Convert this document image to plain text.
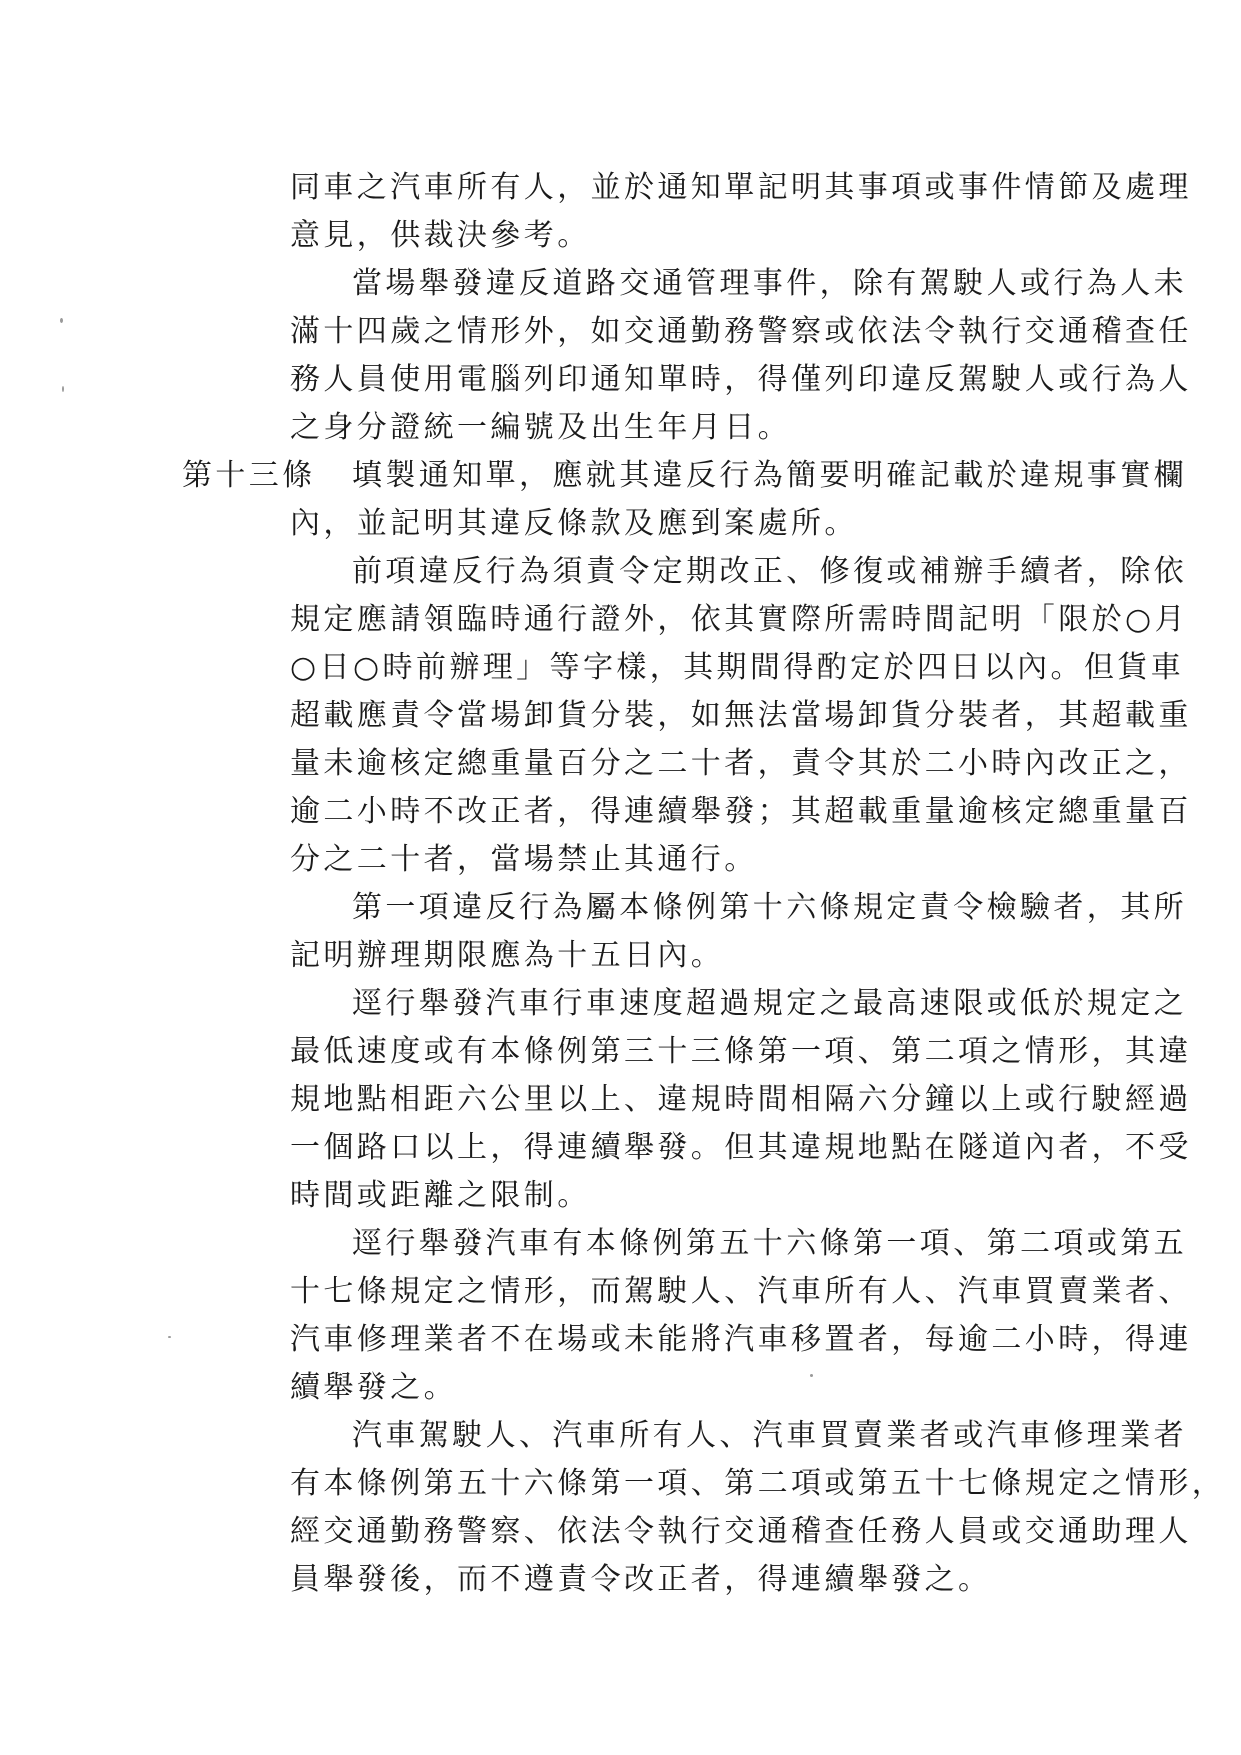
同車之汽車所有人，並於通知單記明其事項或事件情節及處理
意見，供裁決參考。
當場舉發違反道路交通管理事件，除有駕駛人或行為人未
滿十四歲之情形外，如交通勤務警察或依法令執行交通稽查任
務人員使用電腦列印通知單時，得僅列印違反駕駛人或行為人
之身分證統一編號及出生年月日。
第十三條 填製通知單，應就其違反行為簡要明確記載於違規事實欄
內，並記明其違反條款及應到案處所。
前項違反行為須責令定期改正、修復或補辦手續者，除依
規定應請領臨時通行證外，依其實際所需時間記明「限於○月
○日○時前辦理」等字樣，其期間得酌定於四日以內。但貨車
超載應責令當場卸貨分裝，如無法當場卸貨分裝者，其超載重
量未逾核定總重量百分之二十者，責令其於二小時內改正之，
逾二小時不改正者，得連續舉發；其超載重量逾核定總重量百
分之二十者，當場禁止其通行。
第一項違反行為屬本條例第十六條規定責令檢驗者，其所
記明辦理期限應為十五日內。
逕行舉發汽車行車速度超過規定之最高速限或低於規定之
最低速度或有本條例第三十三條第一項、第二項之情形，其違
規地點相距六公里以上、違規時間相隔六分鐘以上或行駛經過
一個路口以上，得連續舉發。但其違規地點在隧道內者，不受
時間或距離之限制。
逕行舉發汽車有本條例第五十六條第一項、第二項或第五
十七條規定之情形，而駕駛人、汽車所有人、汽車買賣業者、
汽車修理業者不在場或未能將汽車移置者，每逾二小時，得連
續舉發之。
汽車駕駛人、汽車所有人、汽車買賣業者或汽車修理業者
有本條例第五十六條第一項、第二項或第五十七條規定之情形，
經交通勤務警察、依法令執行交通稽查任務人員或交通助理人
員舉發後，而不遵責令改正者，得連續舉發之。
